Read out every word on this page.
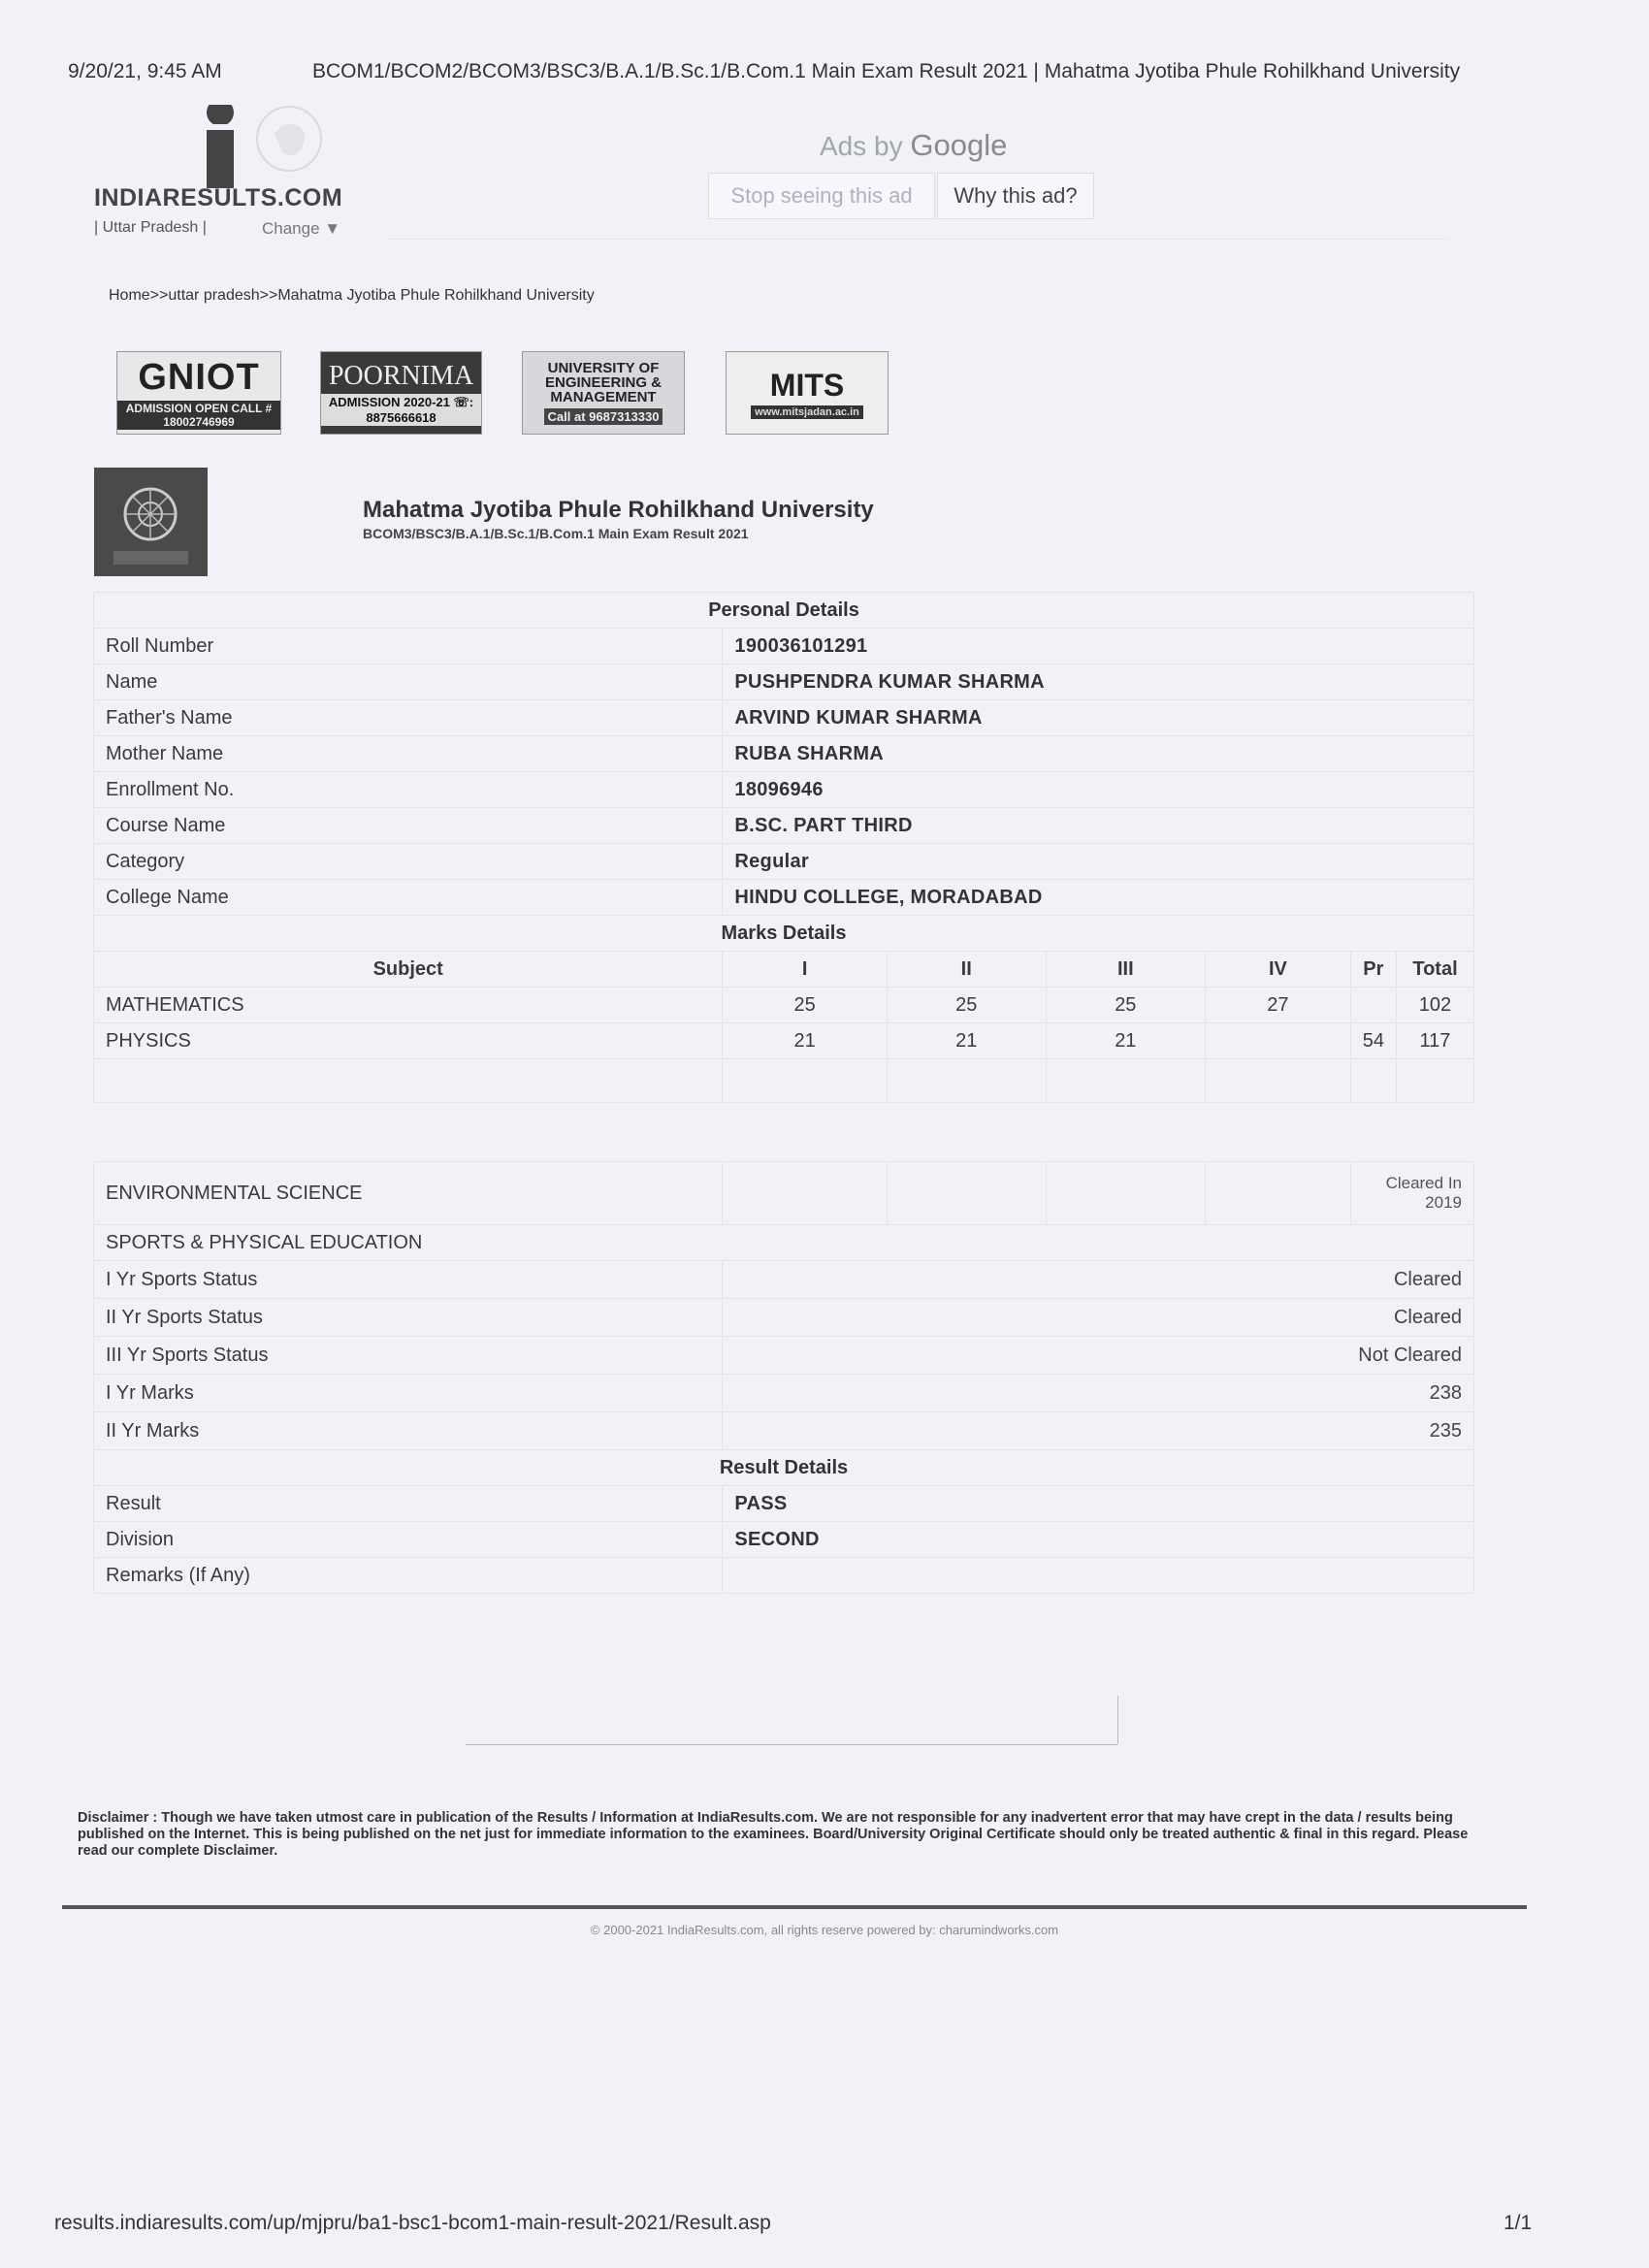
9/20/21, 9:45 AM	BCOM1/BCOM2/BCOM3/BSC3/B.A.1/B.Sc.1/B.Com.1 Main Exam Result 2021 | Mahatma Jyotiba Phule Rohilkhand University
INDIARESULTS.COM
| Uttar Pradesh |	Change ▼
Ads by Google
Stop seeing this ad	Why this ad?
Home>>uttar pradesh>>Mahatma Jyotiba Phule Rohilkhand University
GNIOT
ADMISSION OPEN CALL # 18002746969
POORNIMA
ADMISSION 2020-21 ☏: 8875666618
UNIVERSITY OF ENGINEERING & MANAGEMENT
Call at 9687313330
MITS
www.mitsjadan.ac.in
Mahatma Jyotiba Phule Rohilkhand University
BCOM3/BSC3/B.A.1/B.Sc.1/B.Com.1 Main Exam Result 2021
Personal Details						
Roll Number	190036101291					
Name	PUSHPENDRA KUMAR SHARMA					
Father's Name	ARVIND KUMAR SHARMA					
Mother Name	RUBA SHARMA					
Enrollment No.	18096946					
Course Name	B.SC. PART THIRD					
Category	Regular					
College Name	HINDU COLLEGE, MORADABAD					
Marks Details						
Subject	I	II	III	IV	Pr	Total
MATHEMATICS	25	25	25	27		102
PHYSICS	21	21	21		54	117

ENVIRONMENTAL SCIENCE					Cleared In 2019	
SPORTS & PHYSICAL EDUCATION						
I Yr Sports Status	Cleared					
II Yr Sports Status	Cleared					
III Yr Sports Status	Not Cleared					
I Yr Marks	238					
II Yr Marks	235					
Result Details						
Result	PASS					
Division	SECOND					
Remarks (If Any)						
Disclaimer : Though we have taken utmost care in publication of the Results / Information at IndiaResults.com. We are not responsible for any inadvertent error that may have crept in the data / results being published on the Internet. This is being published on the net just for immediate information to the examinees. Board/University Original Certificate should only be treated authentic & final in this regard. Please read our complete Disclaimer.
© 2000-2021 IndiaResults.com, all rights reserve powered by: charumindworks.com
results.indiaresults.com/up/mjpru/ba1-bsc1-bcom1-main-result-2021/Result.asp	1/1
